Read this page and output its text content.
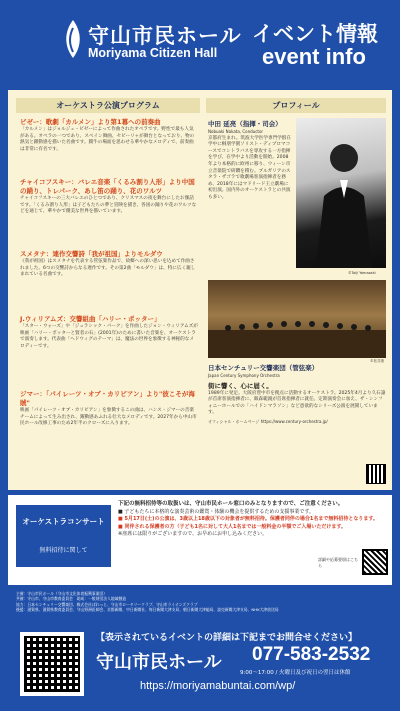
守山市民ホール
Moriyama Citizen Hall
イベント情報
event info
オーケストラ公演プログラム	プロフィール
ビゼー：歌劇「カルメン」より第1幕への前奏曲
「カルメン」はジョルジュ・ビゼーによって作曲されたオペラです。野性で最も人気がある。オペラの一つであり、スペイン舞曲、セビーリャが舞台となっており、物の熱気と躍動感を描いた名曲です。闘牛の場面を思わせる華やかなメロディで、前奏曲は非常に有名です。
チャイコフスキー：バレエ音楽「くるみ割り人形」より中国の踊り、トレパーク、あし笛の踊り、花のワルツ
チャイコフスキーの三大バレエのひとつであり、クリスマスの夜を舞台にしたお伽話です。「くるみ割り人形」は子どもたちの夢と冒険を描き、各国の踊りや花のワルツなどを通じて、華やかで優美な世界を描いています。
スメタナ：連作交響詩「我が祖国」よりモルダウ
《我が祖国》はスメタナを代表する管弦楽作品で、故郷への深い思いを込めて作曲されました。6つの交響詩からなる連作です。その第2曲「モルダウ」は、特に広く親しまれている名曲です。
J.ウィリアムズ：交響組曲「ハリー・ポッター」
「スター・ウォーズ」や「ジュラシック・パーク」を作曲したジョン・ウィリアムズが映画「ハリー・ポッターと賢者の石」(2001年)のために書いた音楽を、オーケストラで演奏します。代表曲「ヘドウィグのテーマ」は、魔法の世界を象徴する神秘的なメロディーです。
ジマー：「パイレーツ・オブ・カリビアン」より"彼こそが海賊"
映画「パイレーツ・オブ・カリビアン」を象徴するこの曲は、ハンス・ジマーの音楽チームによって生み出され、躍動感あふれる壮大なメロディです。2027年から中山市民ホール改修工事のため2年半のクローズに入ります。
中田 延亮（指揮・司会）
Nobuaki Nakata, Conductor
京都府生まれ。筑波大学医学専門学群在学中に桐朋学園ソリスト・ディプロマコースでコントラバスを専攻する一方指揮を学び、在学中より活動を開始。2008年より本格的に欧州に移り、ウィーン市立音楽院で研鑽を積む。ブルガリアのスタラ・ザゴラで歌劇場客演指揮者を務め、2018年にはマドリード王立劇場に初出演。国内外のオーケストラとの共演も多い。
©Taiji Yamazaki
©松井康
日本センチュリー交響楽団（管弦楽）
Japan Century Symphony Orchestra
街に響く、心に届く。
1989年に発足。大阪府豊中市を拠点に活動するオーケストラ。2025年4月より久石譲が首席客演指揮者に、飯森範親が首席指揮者に就任。定期演奏会に加え、ザ・シンフォニーホールでの「ハイドンマラソン」など意欲的なシリーズ公演を展開しています。
オフィシャル・ホームページ https://www.century-orchestra.jp/
オーケストラコンサート
無料招待に関して
下記の無料招待等の取扱いは、守山市民ホール窓口のみとなりますので、ご注意ください。
■ 子どもたちに本格的な演奏芸術の鑑賞・体験の機会を提供するための支援事業です。
■ 5月17日(土)の公演は、3歳以上18歳以下の対象者が無料招待。保護者同伴の場合1名まで無料招待となります。
■ 同伴される保護者の方（子ども1名に対して大人1名までは一般料金の半額でご入場いただけます。
※座席には限りがございますので、お早めにお申し込みください。
詳細や応募要項はこちら
主催：守山市民ホール（守山市文化体育振興事業団）
共催：守山市、守山市教育委員会　助成：一般財団法人地域創造
協力：日本センチュリー交響楽団、株式会社ぱれっと、守山市ロータリークラブ、守山市ライオンズクラブ
後援：滋賀県、滋賀県教育委員会、守山野洲医師会、京都新聞、中日新聞社、毎日新聞大津支局、朝日新聞大津総局、読売新聞大津支局、NHK大津放送局
【表示されているイベントの詳細は下記までお問合せください】
守山市民ホール 077-583-2532
9:00〜17:00 / 火曜日及び祝日の翌日は休館
https://moriyamabuntai.com/wp/
